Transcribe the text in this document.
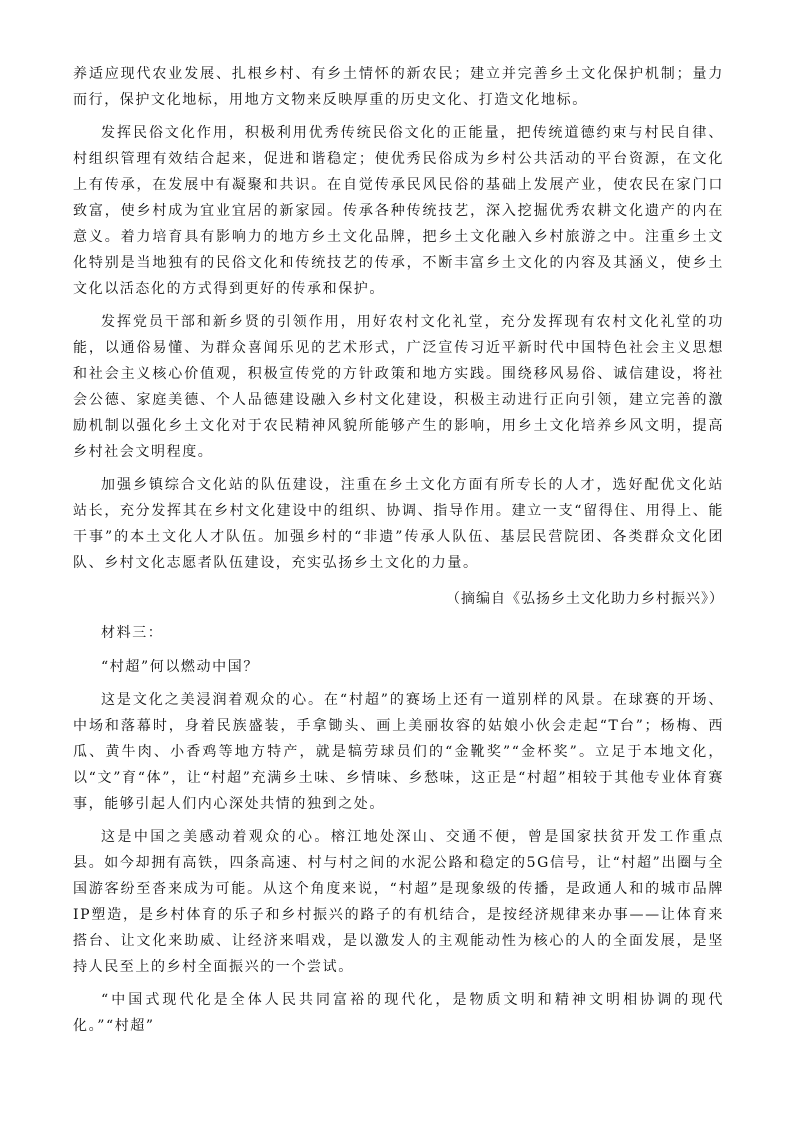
养适应现代农业发展、扎根乡村、有乡土情怀的新农民；建立并完善乡土文化保护机制；量力而行，保护文化地标，用地方文物来反映厚重的历史文化、打造文化地标。

发挥民俗文化作用，积极利用优秀传统民俗文化的正能量，把传统道德约束与村民自律、村组织管理有效结合起来，促进和谐稳定；使优秀民俗成为乡村公共活动的平台资源，在文化上有传承，在发展中有凝聚和共识。在自觉传承民风民俗的基础上发展产业，使农民在家门口致富，使乡村成为宜业宜居的新家园。传承各种传统技艺，深入挖掘优秀农耕文化遗产的内在意义。着力培育具有影响力的地方乡土文化品牌，把乡土文化融入乡村旅游之中。注重乡土文化特别是当地独有的民俗文化和传统技艺的传承，不断丰富乡土文化的内容及其涵义，使乡土文化以活态化的方式得到更好的传承和保护。

发挥党员干部和新乡贤的引领作用，用好农村文化礼堂，充分发挥现有农村文化礼堂的功能，以通俗易懂、为群众喜闻乐见的艺术形式，广泛宣传习近平新时代中国特色社会主义思想和社会主义核心价值观，积极宣传党的方针政策和地方实践。围绕移风易俗、诚信建设，将社会公德、家庭美德、个人品德建设融入乡村文化建设，积极主动进行正向引领，建立完善的激励机制以强化乡土文化对于农民精神风貌所能够产生的影响，用乡土文化培养乡风文明，提高乡村社会文明程度。

加强乡镇综合文化站的队伍建设，注重在乡土文化方面有所专长的人才，选好配优文化站站长，充分发挥其在乡村文化建设中的组织、协调、指导作用。建立一支“留得住、用得上、能干事”的本土文化人才队伍。加强乡村的“非遗”传承人队伍、基层民营院团、各类群众文化团队、乡村文化志愿者队伍建设，充实弘扬乡土文化的力量。

（摘编自《弘扬乡土文化助力乡村振兴》）

材料三：

“村超”何以燃动中国？

这是文化之美浸润着观众的心。在“村超”的赛场上还有一道别样的风景。在球赛的开场、中场和落幕时，身着民族盛装，手拿锄头、画上美丽妆容的姑娘小伙会走起“T台”；杨梅、西瓜、黄牛肉、小香鸡等地方特产，就是犒劳球员们的“金靴奖”“金杯奖”。立足于本地文化，以“文”育“体”，让“村超”充满乡土味、乡情味、乡愁味，这正是“村超”相较于其他专业体育赛事，能够引起人们内心深处共情的独到之处。

这是中国之美感动着观众的心。榕江地处深山、交通不便，曾是国家扶贫开发工作重点县。如今却拥有高铁，四条高速、村与村之间的水泥公路和稳定的5G信号，让“村超”出圈与全国游客纷至沓来成为可能。从这个角度来说，“村超”是现象级的传播，是政通人和的城市品牌IP塑造，是乡村体育的乐子和乡村振兴的路子的有机结合，是按经济规律来办事——让体育来搭台、让文化来助威、让经济来唱戏，是以激发人的主观能动性为核心的人的全面发展，是坚持人民至上的乡村全面振兴的一个尝试。

“中国式现代化是全体人民共同富裕的现代化，是物质文明和精神文明相协调的现代化。”“村超”
